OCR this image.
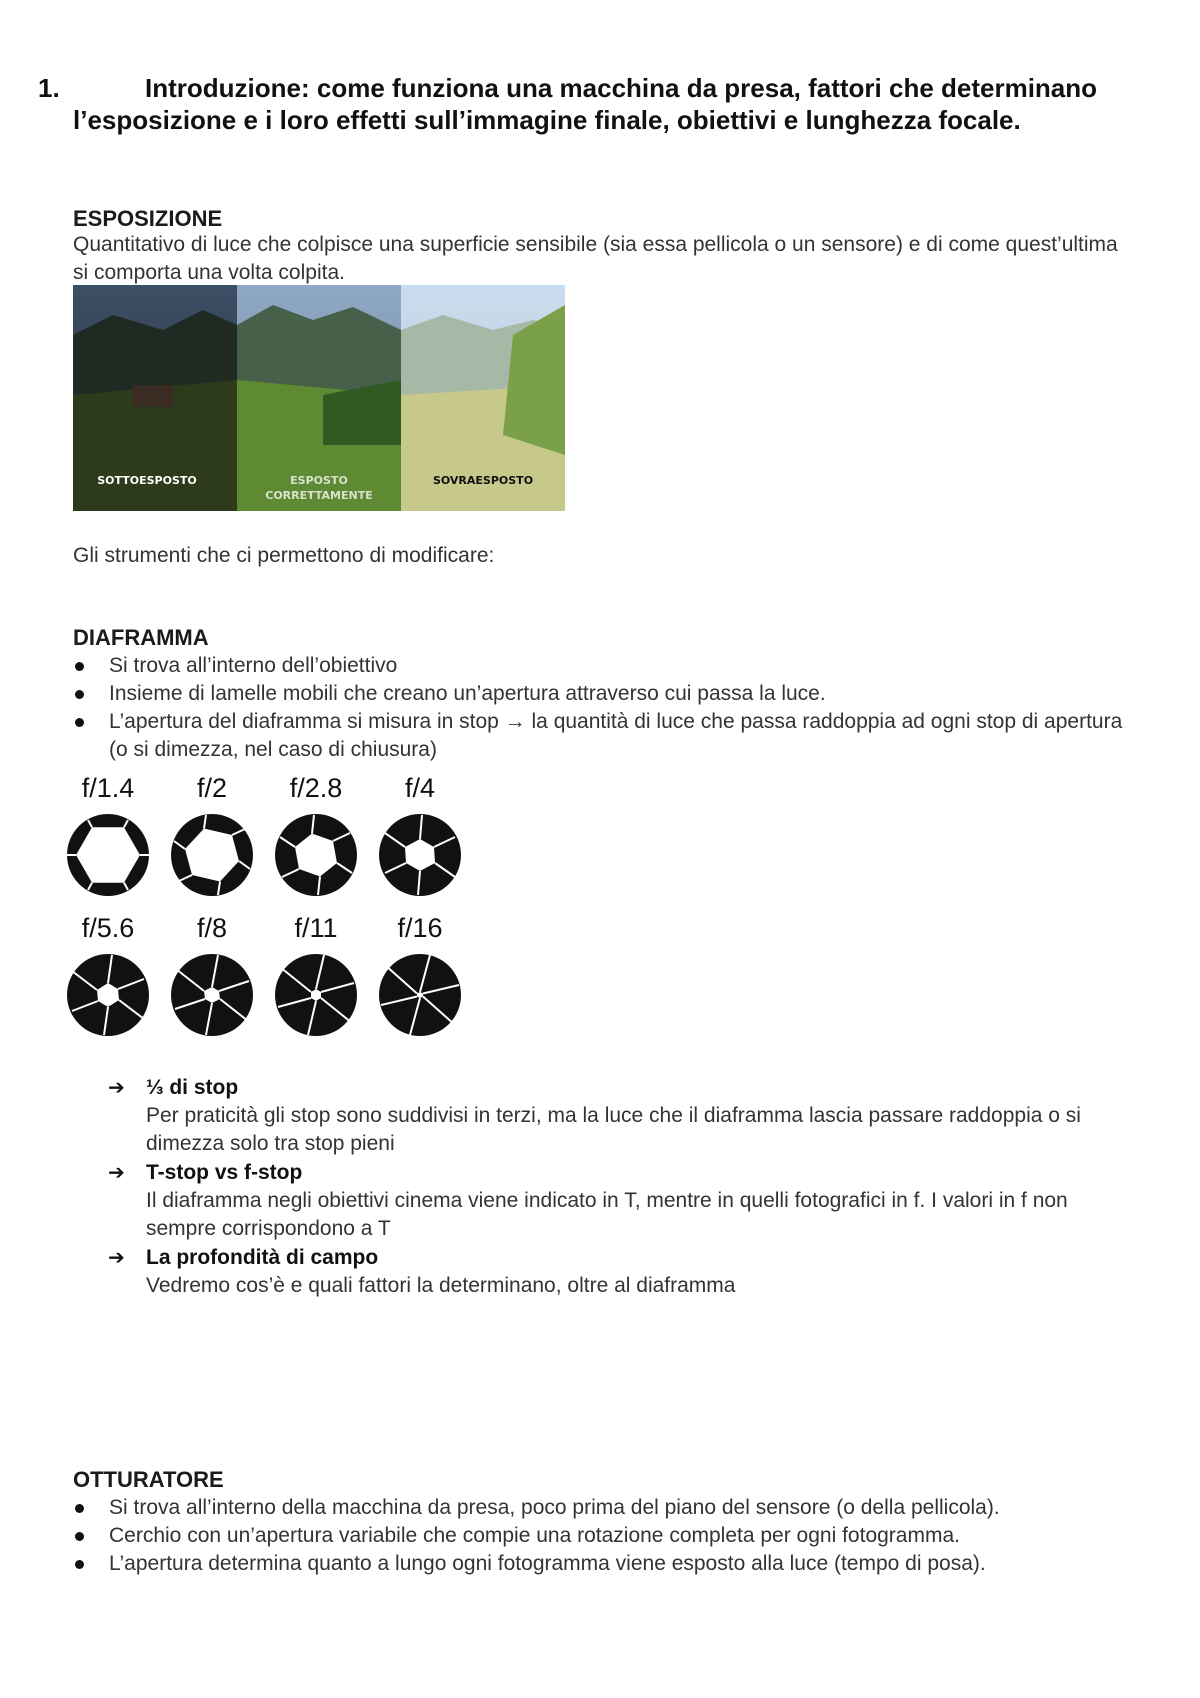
1.	Introduzione: come funziona una macchina da presa, fattori che determinano l’esposizione e i loro effetti sull’immagine finale, obiettivi e lunghezza focale.
ESPOSIZIONE
Quantitativo di luce che colpisce una superficie sensibile (sia essa pellicola o un sensore) e di come quest’ultima si comporta una volta colpita.
SOTTOESPOSTO	ESPOSTO
CORRETTAMENTE
SOVRAESPOSTO
Gli strumenti che ci permettono di modificare:
DIAFRAMMA
Si trova all’interno dell’obiettivo
Insieme di lamelle mobili che creano un’apertura attraverso cui passa la luce.
L’apertura del diaframma si misura in stop → la quantità di luce che passa raddoppia ad ogni stop di apertura (o si dimezza, nel caso di chiusura)
f/1.4	f/2	f/2.8	f/4
f/5.6	f/8	f/11	f/16
➔ ⅓ di stop
Per praticità gli stop sono suddivisi in terzi, ma la luce che il diaframma lascia passare raddoppia o si dimezza solo tra stop pieni
➔ T-stop vs f-stop
Il diaframma negli obiettivi cinema viene indicato in T, mentre in quelli fotografici in f. I valori in f non sempre corrispondono a T
➔ La profondità di campo
Vedremo cos’è e quali fattori la determinano, oltre al diaframma
OTTURATORE
Si trova all’interno della macchina da presa, poco prima del piano del sensore (o della pellicola).
Cerchio con un’apertura variabile che compie una rotazione completa per ogni fotogramma.
L’apertura determina quanto a lungo ogni fotogramma viene esposto alla luce (tempo di posa).
